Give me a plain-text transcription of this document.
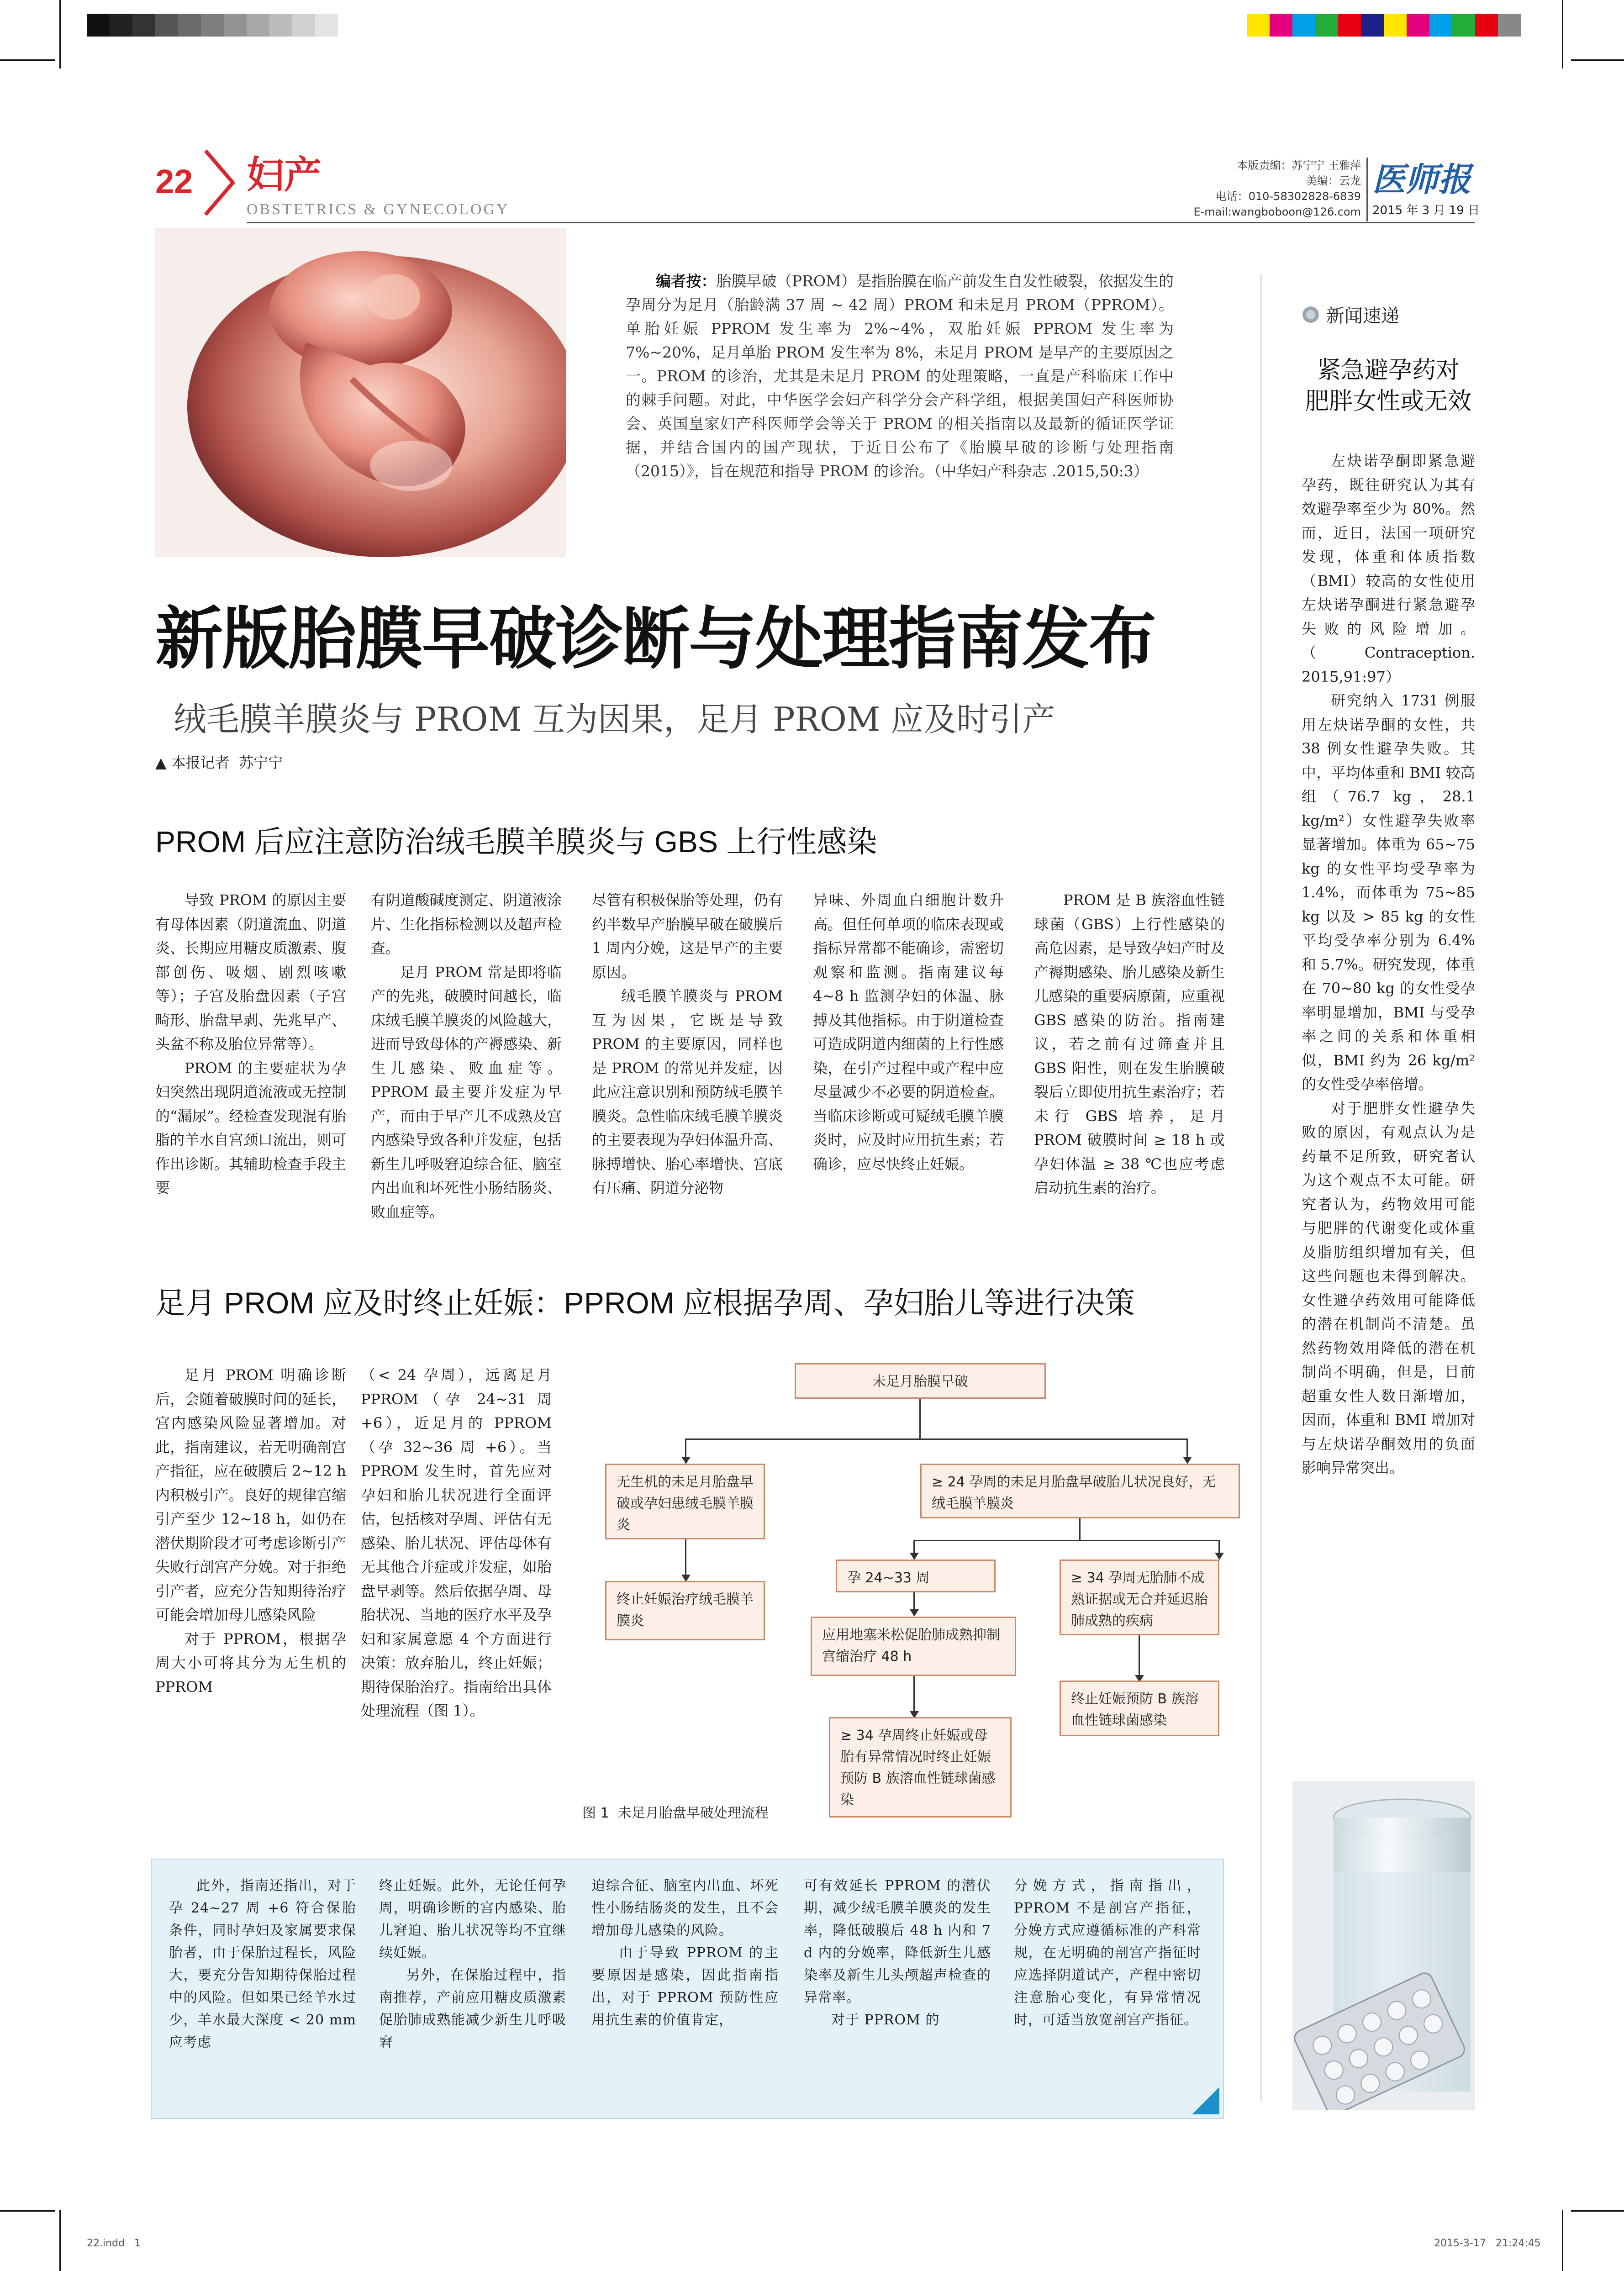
22 妇产
OBSTETRICS & GYNECOLOGY
本版责编：苏宁宁 王雅萍
美编：云龙
电话：010-58302828-6839
E-mail:wangboboon@126.com
医师报
2015 年 3 月 19 日
编者按：胎膜早破（PROM）是指胎膜在临产前发生自发性破裂，依据发生的孕周分为足月（胎龄满 37 周 ~ 42 周）PROM 和未足月 PROM（PPROM）。单胎妊娠 PPROM 发生率为 2%~4%，双胎妊娠 PPROM 发生率为 7%~20%，足月单胎 PROM 发生率为 8%，未足月 PROM 是早产的主要原因之一。PROM 的诊治，尤其是未足月 PROM 的处理策略，一直是产科临床工作中的棘手问题。对此，中华医学会妇产科学分会产科学组，根据美国妇产科医师协会、英国皇家妇产科医师学会等关于 PROM 的相关指南以及最新的循证医学证据，并结合国内的国产现状，于近日公布了《胎膜早破的诊断与处理指南（2015）》，旨在规范和指导 PROM 的诊治。（中华妇产科杂志 .2015,50:3）
新版胎膜早破诊断与处理指南发布
绒毛膜羊膜炎与 PROM 互为因果，足月 PROM 应及时引产
▲ 本报记者  苏宁宁
PROM 后应注意防治绒毛膜羊膜炎与 GBS 上行性感染
导致 PROM 的原因主要有母体因素（阴道流血、阴道炎、长期应用糖皮质激素、腹部创伤、吸烟、剧烈咳嗽等）；子宫及胎盘因素（子宫畸形、胎盘早剥、先兆早产、头盆不称及胎位异常等）。
PROM 的主要症状为孕妇突然出现阴道流液或无控制的“漏尿”。经检查发现混有胎脂的羊水自宫颈口流出，则可作出诊断。其辅助检查手段主要
有阴道酸碱度测定、阴道液涂片、生化指标检测以及超声检查。
足月 PROM 常是即将临产的先兆，破膜时间越长，临床绒毛膜羊膜炎的风险越大，进而导致母体的产褥感染、新生儿感染、败血症等。PPROM 最主要并发症为早产，而由于早产儿不成熟及宫内感染导致各种并发症，包括新生儿呼吸窘迫综合征、脑室内出血和坏死性小肠结肠炎、败血症等。
尽管有积极保胎等处理，仍有约半数早产胎膜早破在破膜后 1 周内分娩，这是早产的主要原因。
绒毛膜羊膜炎与 PROM 互为因果，它既是导致 PROM 的主要原因，同样也是 PROM 的常见并发症，因此应注意识别和预防绒毛膜羊膜炎。急性临床绒毛膜羊膜炎的主要表现为孕妇体温升高、脉搏增快、胎心率增快、宫底有压痛、阴道分泌物
异味、外周血白细胞计数升高。但任何单项的临床表现或指标异常都不能确诊，需密切观察和监测。指南建议每 4~8 h 监测孕妇的体温、脉搏及其他指标。由于阴道检查可造成阴道内细菌的上行性感染，在引产过程中或产程中应尽量减少不必要的阴道检查。当临床诊断或可疑绒毛膜羊膜炎时，应及时应用抗生素；若确诊，应尽快终止妊娠。
PROM 是 B 族溶血性链球菌（GBS）上行性感染的高危因素，是导致孕妇产时及产褥期感染、胎儿感染及新生儿感染的重要病原菌，应重视 GBS 感染的防治。指南建议，若之前有过筛查并且 GBS 阳性，则在发生胎膜破裂后立即使用抗生素治疗；若未行 GBS 培养，足月 PROM 破膜时间 ≥ 18 h 或孕妇体温 ≥ 38 ℃也应考虑启动抗生素的治疗。
足月 PROM 应及时终止妊娠：PPROM 应根据孕周、孕妇胎儿等进行决策
足月 PROM 明确诊断后，会随着破膜时间的延长，宫内感染风险显著增加。对此，指南建议，若无明确剖宫产指征，应在破膜后 2~12 h 内积极引产。良好的规律宫缩引产至少 12~18 h，如仍在潜伏期阶段才可考虑诊断引产失败行剖宫产分娩。对于拒绝引产者，应充分告知期待治疗可能会增加母儿感染风险
对于 PPROM，根据孕周大小可将其分为无生机的 PPROM
（< 24 孕周），远离足月 PPROM（孕 24~31 周 +6），近足月的 PPROM（孕 32~36 周 +6）。当 PPROM 发生时，首先应对孕妇和胎儿状况进行全面评估，包括核对孕周、评估有无感染、胎儿状况、评估母体有无其他合并症或并发症，如胎盘早剥等。然后依据孕周、母胎状况、当地的医疗水平及孕妇和家属意愿 4 个方面进行决策：放弃胎儿，终止妊娠；期待保胎治疗。指南给出具体处理流程（图 1）。
未足月胎膜早破
无生机的未足月胎盘早破或孕妇患绒毛膜羊膜炎
终止妊娠治疗绒毛膜羊膜炎
≥ 24 孕周的未足月胎盘早破胎儿状况良好，无绒毛膜羊膜炎
孕 24~33 周
应用地塞米松促胎肺成熟抑制宫缩治疗 48 h
≥ 34 孕周终止妊娠或母胎有异常情况时终止妊娠预防 B 族溶血性链球菌感染
≥ 34 孕周无胎肺不成熟证据或无合并延迟胎肺成熟的疾病
终止妊娠预防 B 族溶血性链球菌感染
图 1  未足月胎盘早破处理流程
此外，指南还指出，对于孕 24~27 周 +6 符合保胎条件，同时孕妇及家属要求保胎者，由于保胎过程长，风险大，要充分告知期待保胎过程中的风险。但如果已经羊水过少，羊水最大深度 < 20 mm 应考虑
终止妊娠。此外，无论任何孕周，明确诊断的宫内感染、胎儿窘迫、胎儿状况等均不宜继续妊娠。
另外，在保胎过程中，指南推荐，产前应用糖皮质激素促胎肺成熟能减少新生儿呼吸窘
迫综合征、脑室内出血、坏死性小肠结肠炎的发生，且不会增加母儿感染的风险。
由于导致 PPROM 的主要原因是感染，因此指南指出，对于 PPROM 预防性应用抗生素的价值肯定，
可有效延长 PPROM 的潜伏期，减少绒毛膜羊膜炎的发生率，降低破膜后 48 h 内和 7 d 内的分娩率，降低新生儿感染率及新生儿头颅超声检查的异常率。
对于 PPROM 的
分娩方式，指南指出，PPROM 不是剖宫产指征，分娩方式应遵循标准的产科常规，在无明确的剖宫产指征时应选择阴道试产，产程中密切注意胎心变化，有异常情况时，可适当放宽剖宫产指征。
新闻速递
紧急避孕药对
肥胖女性或无效
左炔诺孕酮即紧急避孕药，既往研究认为其有效避孕率至少为 80%。然而，近日，法国一项研究发现，体重和体质指数（BMI）较高的女性使用左炔诺孕酮进行紧急避孕失败的风险增加。（Contraception. 2015,91:97）
研究纳入 1731 例服用左炔诺孕酮的女性，共 38 例女性避孕失败。其中，平均体重和 BMI 较高组（76.7 kg，28.1 kg/m²）女性避孕失败率显著增加。体重为 65~75 kg 的女性平均受孕率为 1.4%，而体重为 75~85 kg 以及 > 85 kg 的女性平均受孕率分别为 6.4% 和 5.7%。研究发现，体重在 70~80 kg 的女性受孕率明显增加，BMI 与受孕率之间的关系和体重相似，BMI 约为 26 kg/m² 的女性受孕率倍增。
对于肥胖女性避孕失败的原因，有观点认为是药量不足所致，研究者认为这个观点不太可能。研究者认为，药物效用可能与肥胖的代谢变化或体重及脂肪组织增加有关，但这些问题也未得到解决。女性避孕药效用可能降低的潜在机制尚不清楚。虽然药物效用降低的潜在机制尚不明确，但是，目前超重女性人数日渐增加，因而，体重和 BMI 增加对与左炔诺孕酮效用的负面影响异常突出。
22.indd   1	2015-3-17   21:24:45
